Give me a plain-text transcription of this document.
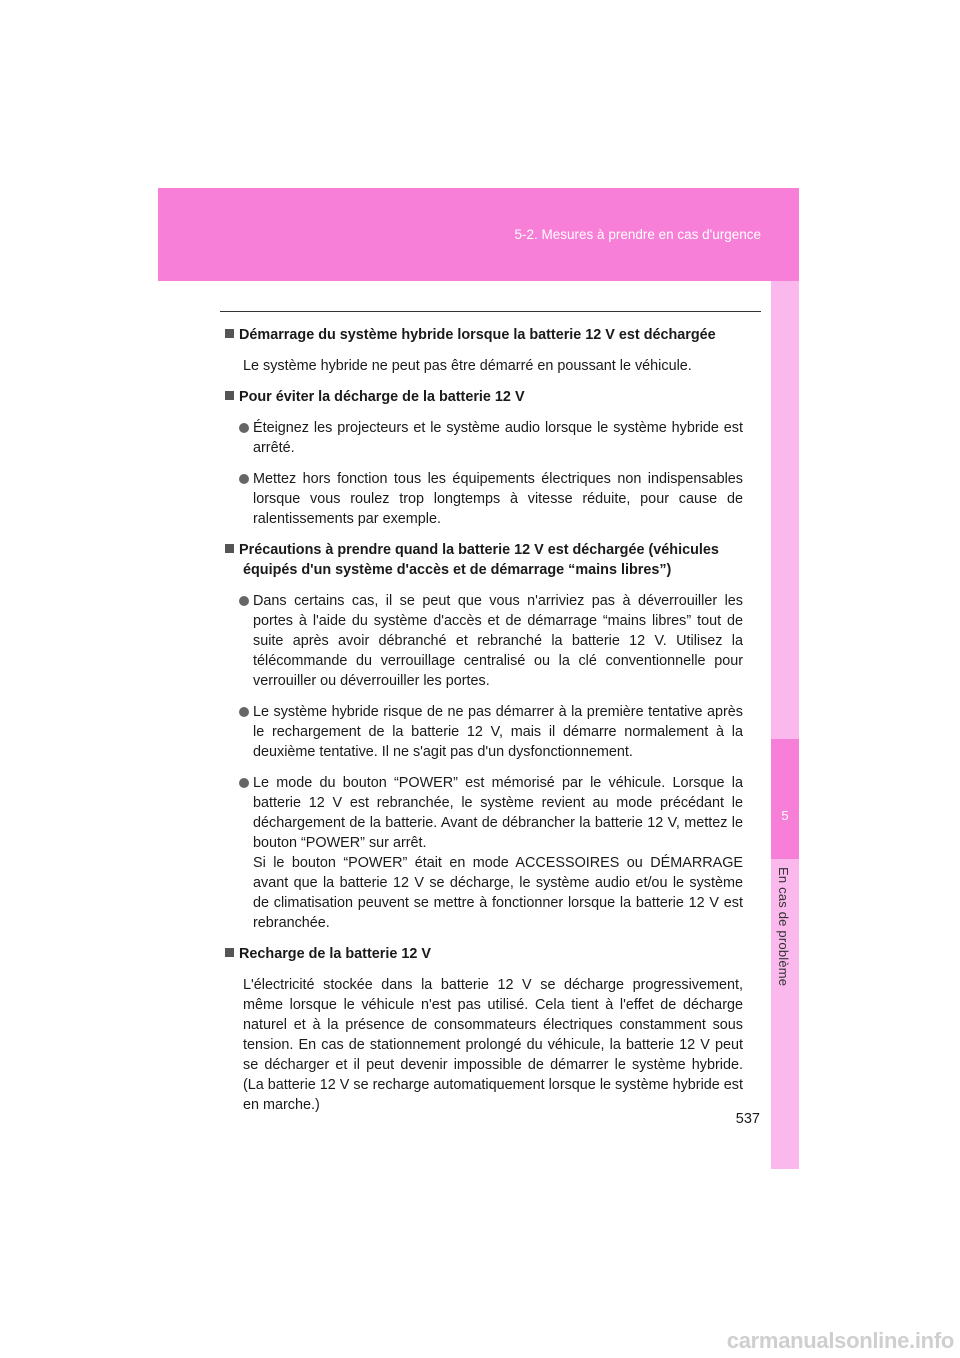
5-2. Mesures à prendre en cas d'urgence
5
En cas de problème
Démarrage du système hybride lorsque la batterie 12 V est déchargée
Le système hybride ne peut pas être démarré en poussant le véhicule.
Pour éviter la décharge de la batterie 12 V
Éteignez les projecteurs et le système audio lorsque le système hybride est arrêté.
Mettez hors fonction tous les équipements électriques non indispensables lorsque vous roulez trop longtemps à vitesse réduite, pour cause de ralentissements par exemple.
Précautions à prendre quand la batterie 12 V est déchargée (véhicules
équipés d'un système d'accès et de démarrage “mains libres”)
Dans certains cas, il se peut que vous n'arriviez pas à déverrouiller les portes à l'aide du système d'accès et de démarrage “mains libres” tout de suite après avoir débranché et rebranché la batterie 12 V. Utilisez la télécommande du verrouillage centralisé ou la clé conventionnelle pour verrouiller ou déverrouiller les portes.
Le système hybride risque de ne pas démarrer à la première tentative après le rechargement de la batterie 12 V, mais il démarre normalement à la deuxième tentative. Il ne s'agit pas d'un dysfonctionnement.
Le mode du bouton “POWER” est mémorisé par le véhicule. Lorsque la batterie 12 V est rebranchée, le système revient au mode précédant le déchargement de la batterie. Avant de débrancher la batterie 12 V, mettez le bouton “POWER” sur arrêt.
Si le bouton “POWER” était en mode ACCESSOIRES ou DÉMARRAGE avant que la batterie 12 V se décharge, le système audio et/ou le système de climatisation peuvent se mettre à fonctionner lorsque la batterie 12 V est rebranchée.
Recharge de la batterie 12 V
L'électricité stockée dans la batterie 12 V se décharge progressivement, même lorsque le véhicule n'est pas utilisé. Cela tient à l'effet de décharge naturel et à la présence de consommateurs électriques constamment sous tension. En cas de stationnement prolongé du véhicule, la batterie 12 V peut se décharger et il peut devenir impossible de démarrer le système hybride. (La batterie 12 V se recharge automatiquement lorsque le système hybride est en marche.)
537
carmanualsonline.info
